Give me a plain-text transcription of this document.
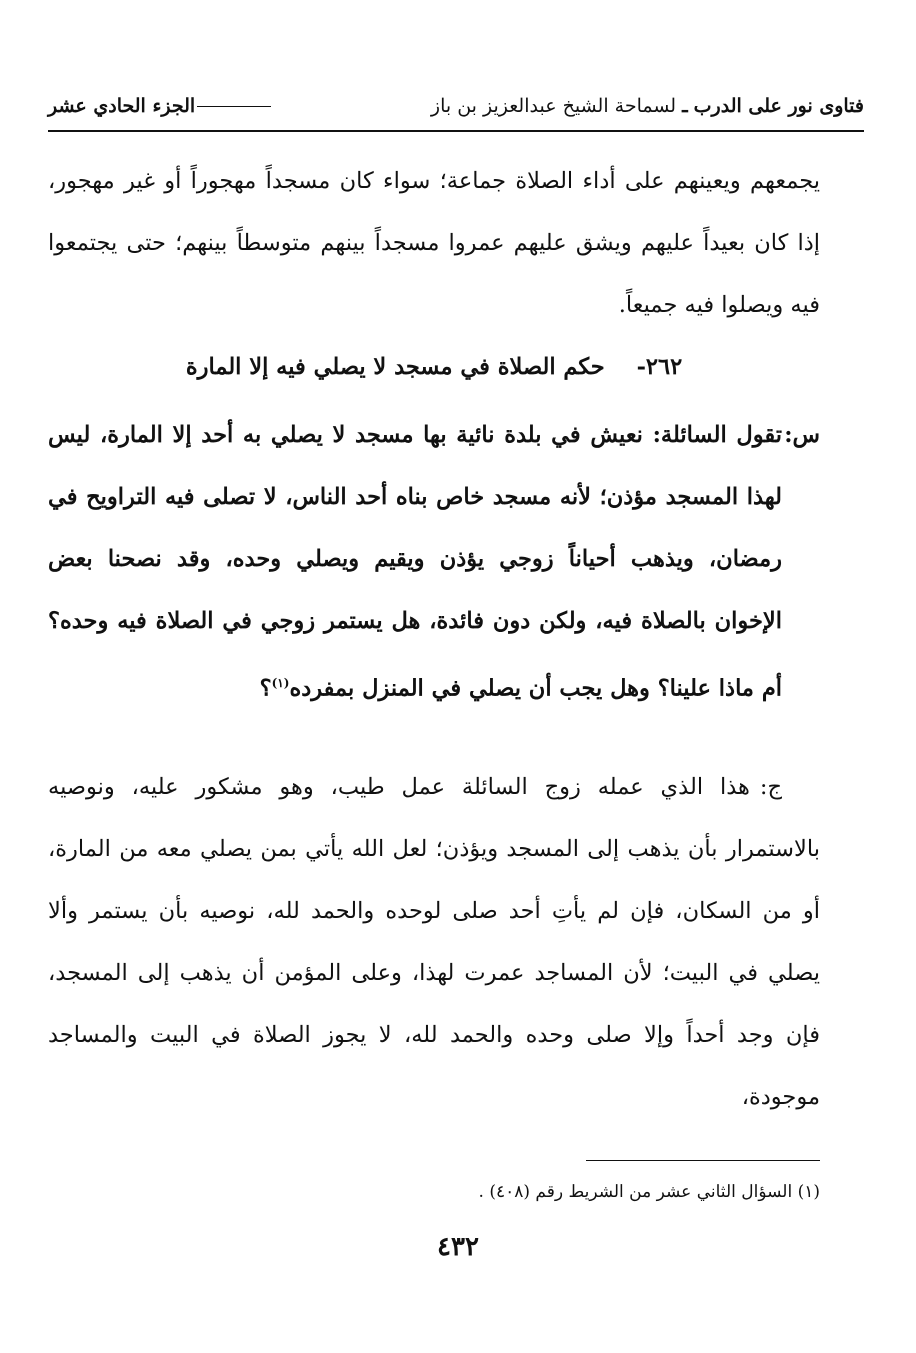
فتاوى نور على الدرب
ـ
لسماحة الشيخ عبدالعزيز بن باز
الجزء الحادي عشر
يجمعهم ويعينهم على أداء الصلاة جماعة؛ سواء كان مسجداً مهجوراً أو غير مهجور، إذا كان بعيداً عليهم ويشق عليهم عمروا مسجداً بينهم متوسطاً بينهم؛ حتى يجتمعوا فيه ويصلوا فيه جميعاً.
٢٦٢- حكم الصلاة في مسجد لا يصلي فيه إلا المارة
س:
تقول السائلة: نعيش في بلدة نائية بها مسجد لا يصلي به أحد إلا المارة، ليس لهذا المسجد مؤذن؛ لأنه مسجد خاص بناه أحد الناس، لا تصلى فيه التراويح في رمضان، ويذهب أحياناً زوجي يؤذن ويقيم ويصلي وحده، وقد نصحنا بعض الإخوان بالصلاة فيه، ولكن دون فائدة، هل يستمر زوجي في الصلاة فيه وحده؟ أم ماذا علينا؟ وهل يجب أن يصلي في المنزل بمفرده$^{(١)}$؟
ج:هذا الذي عمله زوج السائلة عمل طيب، وهو مشكور عليه، ونوصيه بالاستمرار بأن يذهب إلى المسجد ويؤذن؛ لعل الله يأتي بمن يصلي معه من المارة، أو من السكان، فإن لم يأتِ أحد صلى لوحده والحمد لله، نوصيه بأن يستمر وألا يصلي في البيت؛ لأن المساجد عمرت لهذا، وعلى المؤمن أن يذهب إلى المسجد، فإن وجد أحداً وإلا صلى وحده والحمد لله، لا يجوز الصلاة في البيت والمساجد موجودة،
(١) السؤال الثاني عشر من الشريط رقم (٤٠٨) .
٤٣٢
